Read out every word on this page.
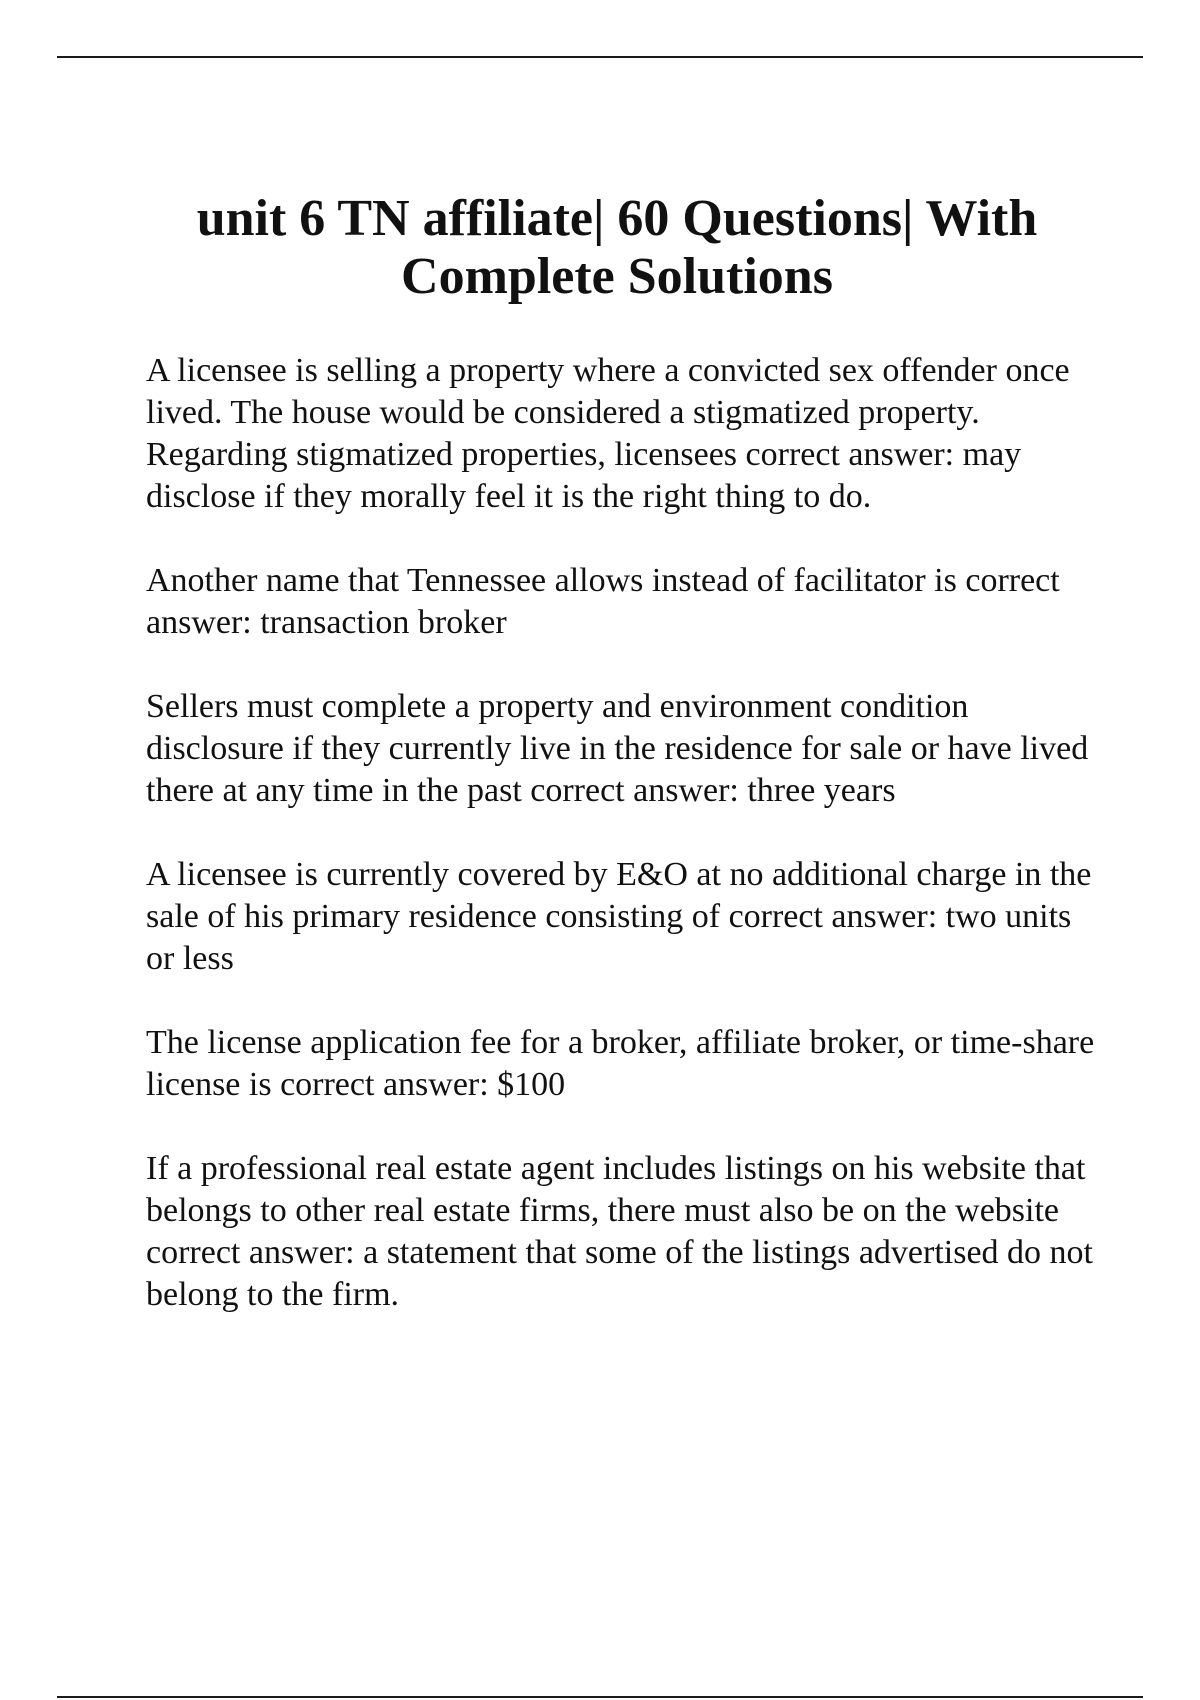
unit 6 TN affiliate| 60 Questions| With
Complete Solutions

A licensee is selling a property where a convicted sex offender once lived. The house would be considered a stigmatized property. Regarding stigmatized properties, licensees correct answer: may disclose if they morally feel it is the right thing to do.

Another name that Tennessee allows instead of facilitator is correct answer: transaction broker

Sellers must complete a property and environment condition disclosure if they currently live in the residence for sale or have lived there at any time in the past correct answer: three years

A licensee is currently covered by E&O at no additional charge in the sale of his primary residence consisting of correct answer: two units or less

The license application fee for a broker, affiliate broker, or time-share license is correct answer: $100

If a professional real estate agent includes listings on his website that belongs to other real estate firms, there must also be on the website correct answer: a statement that some of the listings advertised do not belong to the firm.
